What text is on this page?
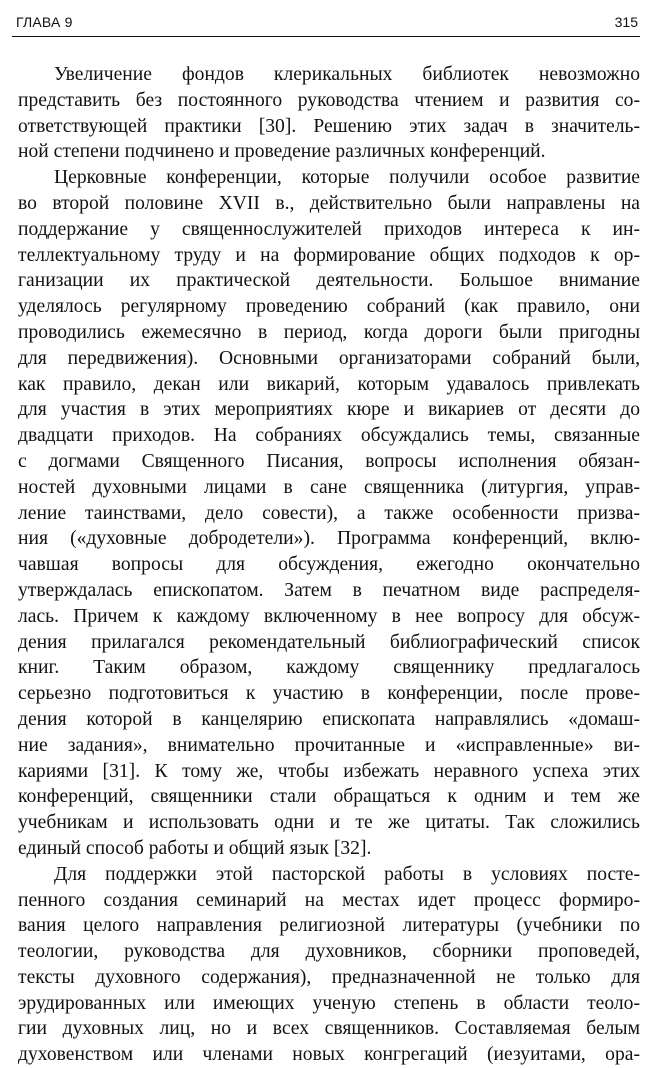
ГЛАВА 9	315
Увеличение фондов клерикальных библиотек невозможно
представить без постоянного руководства чтением и развития со-
ответствующей практики [30]. Решению этих задач в значитель-
ной степени подчинено и проведение различных конференций.
Церковные конференции, которые получили особое развитие
во второй половине XVII в., действительно были направлены на
поддержание у священнослужителей приходов интереса к ин-
теллектуальному труду и на формирование общих подходов к ор-
ганизации их практической деятельности. Большое внимание
уделялось регулярному проведению собраний (как правило, они
проводились ежемесячно в период, когда дороги были пригодны
для передвижения). Основными организаторами собраний были,
как правило, декан или викарий, которым удавалось привлекать
для участия в этих мероприятиях кюре и викариев от десяти до
двадцати приходов. На собраниях обсуждались темы, связанные
с догмами Священного Писания, вопросы исполнения обязан-
ностей духовными лицами в сане священника (литургия, управ-
ление таинствами, дело совести), а также особенности призва-
ния («духовные добродетели»). Программа конференций, вклю-
чавшая вопросы для обсуждения, ежегодно окончательно
утверждалась епископатом. Затем в печатном виде распределя-
лась. Причем к каждому включенному в нее вопросу для обсуж-
дения прилагался рекомендательный библиографический список
книг. Таким образом, каждому священнику предлагалось
серьезно подготовиться к участию в конференции, после прове-
дения которой в канцелярию епископата направлялись «домаш-
ние задания», внимательно прочитанные и «исправленные» ви-
кариями [31]. К тому же, чтобы избежать неравного успеха этих
конференций, священники стали обращаться к одним и тем же
учебникам и использовать одни и те же цитаты. Так сложились
единый способ работы и общий язык [32].
Для поддержки этой пасторской работы в условиях посте-
пенного создания семинарий на местах идет процесс формиро-
вания целого направления религиозной литературы (учебники по
теологии, руководства для духовников, сборники проповедей,
тексты духовного содержания), предназначенной не только для
эрудированных или имеющих ученую степень в области теоло-
гии духовных лиц, но и всех священников. Составляемая белым
духовенством или членами новых конгрегаций (иезуитами, ора-
